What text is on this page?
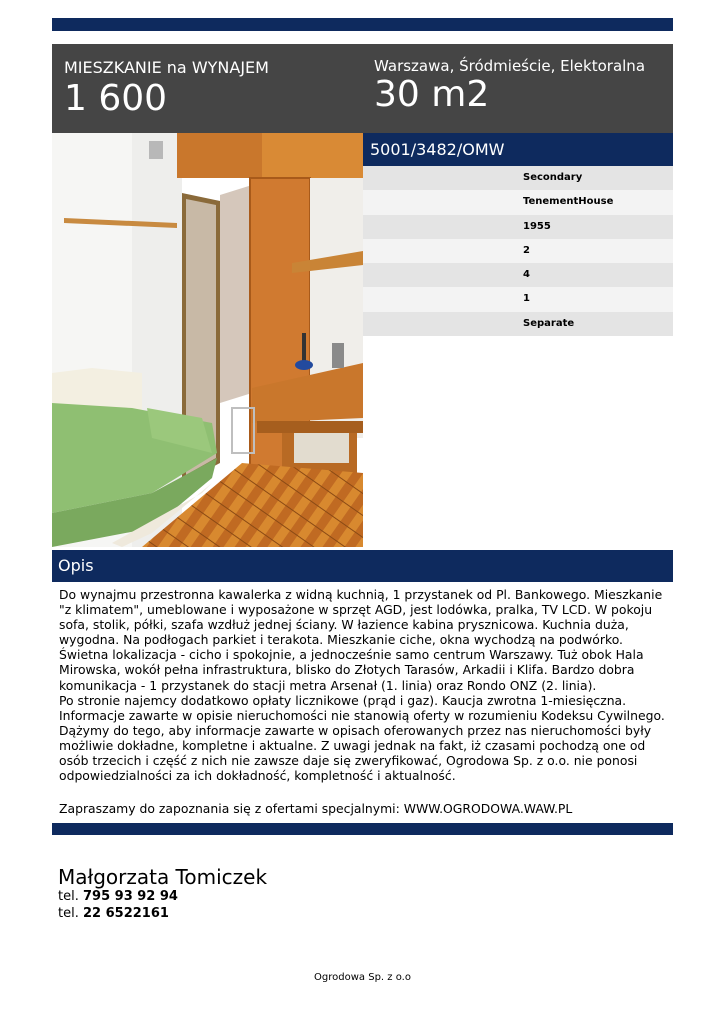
MIESZKANIE na WYNAJEM
1 600
Warszawa, Śródmieście, Elektoralna
30 m2
5001/3482/OMW
Secondary
TenementHouse
1955
2
4
1
Separate
Opis
Do wynajmu przestronna kawalerka z widną kuchnią, 1 przystanek od Pl. Bankowego. Mieszkanie "z klimatem", umeblowane i wyposażone w sprzęt AGD, jest lodówka, pralka, TV LCD. W pokoju sofa, stolik, półki, szafa wzdłuż jednej ściany. W łazience kabina prysznicowa. Kuchnia duża, wygodna. Na podłogach parkiet i terakota. Mieszkanie ciche, okna wychodzą na podwórko. Świetna lokalizacja - cicho i spokojnie, a jednocześnie samo centrum Warszawy. Tuż obok Hala Mirowska, wokół pełna infrastruktura, blisko do Złotych Tarasów, Arkadii i Klifa. Bardzo dobra komunikacja - 1 przystanek do stacji metra Arsenał (1. linia) oraz Rondo ONZ (2. linia).
Po stronie najemcy dodatkowo opłaty licznikowe (prąd i gaz). Kaucja zwrotna 1-miesięczna.
Informacje zawarte w opisie nieruchomości nie stanowią oferty w rozumieniu Kodeksu Cywilnego. Dążymy do tego, aby informacje zawarte w opisach oferowanych przez nas nieruchomości były możliwie dokładne, kompletne i aktualne. Z uwagi jednak na fakt, iż czasami pochodzą one od osób trzecich i część z nich nie zawsze daje się zweryfikować, Ogrodowa Sp. z o.o. nie ponosi odpowiedzialności za ich dokładność, kompletność i aktualność.
Zapraszamy do zapoznania się z ofertami specjalnymi: WWW.OGRODOWA.WAW.PL
Małgorzata Tomiczek
tel. 795 93 92 94
tel. 22 6522161
Ogrodowa Sp. z o.o
